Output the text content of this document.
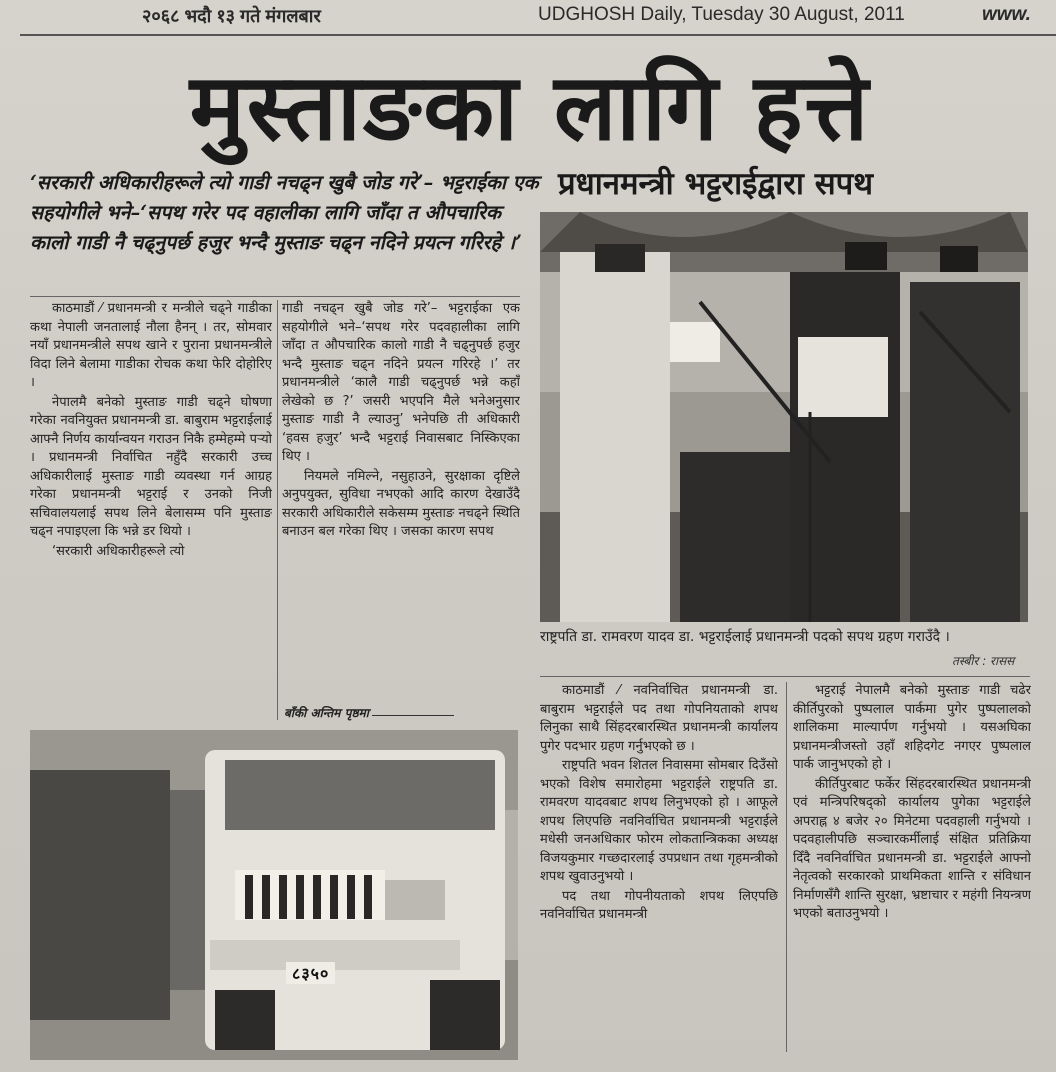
२०६८ भदौ १३ गते मंगलबार	UDGHOSH Daily, Tuesday 30 August, 2011	www.
मुस्ताङका लागि हत्ते
‘सरकारी अधिकारीहरूले त्यो गाडी नचढ्न खुबै जोड गरे’– भट्टराईका एक सहयोगीले भने–‘सपथ गरेर पद वहालीका लागि जाँदा त औपचारिक कालो गाडी नै चढ्नुपर्छ हजुर भन्दै मुस्ताङ चढ्न नदिने प्रयत्न गरिरहे ।’
प्रधानमन्त्री भट्टराईद्वारा सपथ

काठमाडौं ⁄ प्रधानमन्त्री र मन्त्रीले चढ्ने गाडीका कथा नेपाली जनतालाई नौला हैनन् । तर, सोमवार नयाँ प्रधानमन्त्रीले सपथ खाने र पुराना प्रधानमन्त्रीले विदा लिने बेलामा गाडीका रोचक कथा फेरि दोहोरिए ।

नेपालमै बनेको मुस्ताङ गाडी चढ्ने घोषणा गरेका नवनियुक्त प्रधानमन्त्री डा. बाबुराम भट्टराईलाई आफ्नै निर्णय कार्यान्वयन गराउन निकै हम्मेहम्मे पर्‍यो । प्रधानमन्त्री निर्वाचित नहुँदै सरकारी उच्च अधिकारीलाई मुस्ताङ गाडी व्यवस्था गर्न आग्रह गरेका प्रधानमन्त्री भट्टराई र उनको निजी सचिवालयलाई सपथ लिने बेलासम्म पनि मुस्ताङ चढ्न नपाइएला कि भन्ने डर थियो ।

‘सरकारी अधिकारीहरूले त्यो

गाडी नचढ्न खुबै जोड गरे’– भट्टराईका एक सहयोगीले भने–‘सपथ गरेर पदवहालीका लागि जाँदा त औपचारिक कालो गाडी नै चढ्नुपर्छ हजुर भन्दै मुस्ताङ चढ्न नदिने प्रयत्न गरिरहे ।’ तर प्रधानमन्त्रीले ‘कालै गाडी चढ्नुपर्छ भन्ने कहाँ लेखेको छ ?’ जसरी भएपनि मैले भनेअनुसार मुस्ताङ गाडी नै ल्याउनु’ भनेपछि ती अधिकारी ‘हवस हजुर’ भन्दै भट्टराई निवासबाट निस्किएका थिए ।

नियमले नमिल्ने, नसुहाउने, सुरक्षाका दृष्टिले अनुपयुक्त, सुविधा नभएको आदि कारण देखाउँदै सरकारी अधिकारीले सकेसम्म मुस्ताङ नचढ्ने स्थिति बनाउन बल गरेका थिए । जसका कारण सपथ

बाँकी अन्तिम पृष्ठमा
राष्ट्रपति डा. रामवरण यादव डा. भट्टराईलाई प्रधानमन्त्री पदको सपथ ग्रहण गराउँदै ।
तस्बीर : रासस

काठमाडौं ⁄ नवनिर्वाचित प्रधानमन्त्री डा. बाबुराम भट्टराईले पद तथा गोपनियताको शपथ लिनुका साथै सिंहदरबारस्थित प्रधानमन्त्री कार्यालय पुगेर पदभार ग्रहण गर्नुभएको छ ।

राष्ट्रपति भवन शितल निवासमा सोमबार दिउँसो भएको विशेष समारोहमा भट्टराईले राष्ट्रपति डा. रामवरण यादवबाट शपथ लिनुभएको हो । आफूले शपथ लिएपछि नवनिर्वाचित प्रधानमन्त्री भट्टराईले मधेसी जनअधिकार फोरम लोकतान्त्रिकका अध्यक्ष विजयकुमार गच्छदारलाई उपप्रधान तथा गृहमन्त्रीको शपथ खुवाउनुभयो ।

पद तथा गोपनीयताको शपथ लिएपछि नवनिर्वाचित प्रधानमन्त्री

भट्टराई नेपालमै बनेको मुस्ताङ गाडी चढेर कीर्तिपुरको पुष्पलाल पार्कमा पुगेर पुष्पलालको शालिकमा माल्यार्पण गर्नुभयो । यसअघिका प्रधानमन्त्रीजस्तो उहाँ शहिदगेट नगएर पुष्पलाल पार्क जानुभएको हो ।

कीर्तिपुरबाट फर्केर सिंहदरबारस्थित प्रधानमन्त्री एवं मन्त्रिपरिषद्को कार्यालय पुगेका भट्टराईले अपराह्न ४ बजेर २० मिनेटमा पदवहाली गर्नुभयो । पदवहालीपछि सञ्चारकर्मीलाई संक्षित प्रतिक्रिया दिँदै नवनिर्वाचित प्रधानमन्त्री डा. भट्टराईले आफ्नो नेतृत्वको सरकारको प्राथमिकता शान्ति र संविधान निर्माणसँगै शान्ति सुरक्षा, भ्रष्टाचार र महंगी नियन्त्रण भएको बताउनुभयो ।

८३५०
